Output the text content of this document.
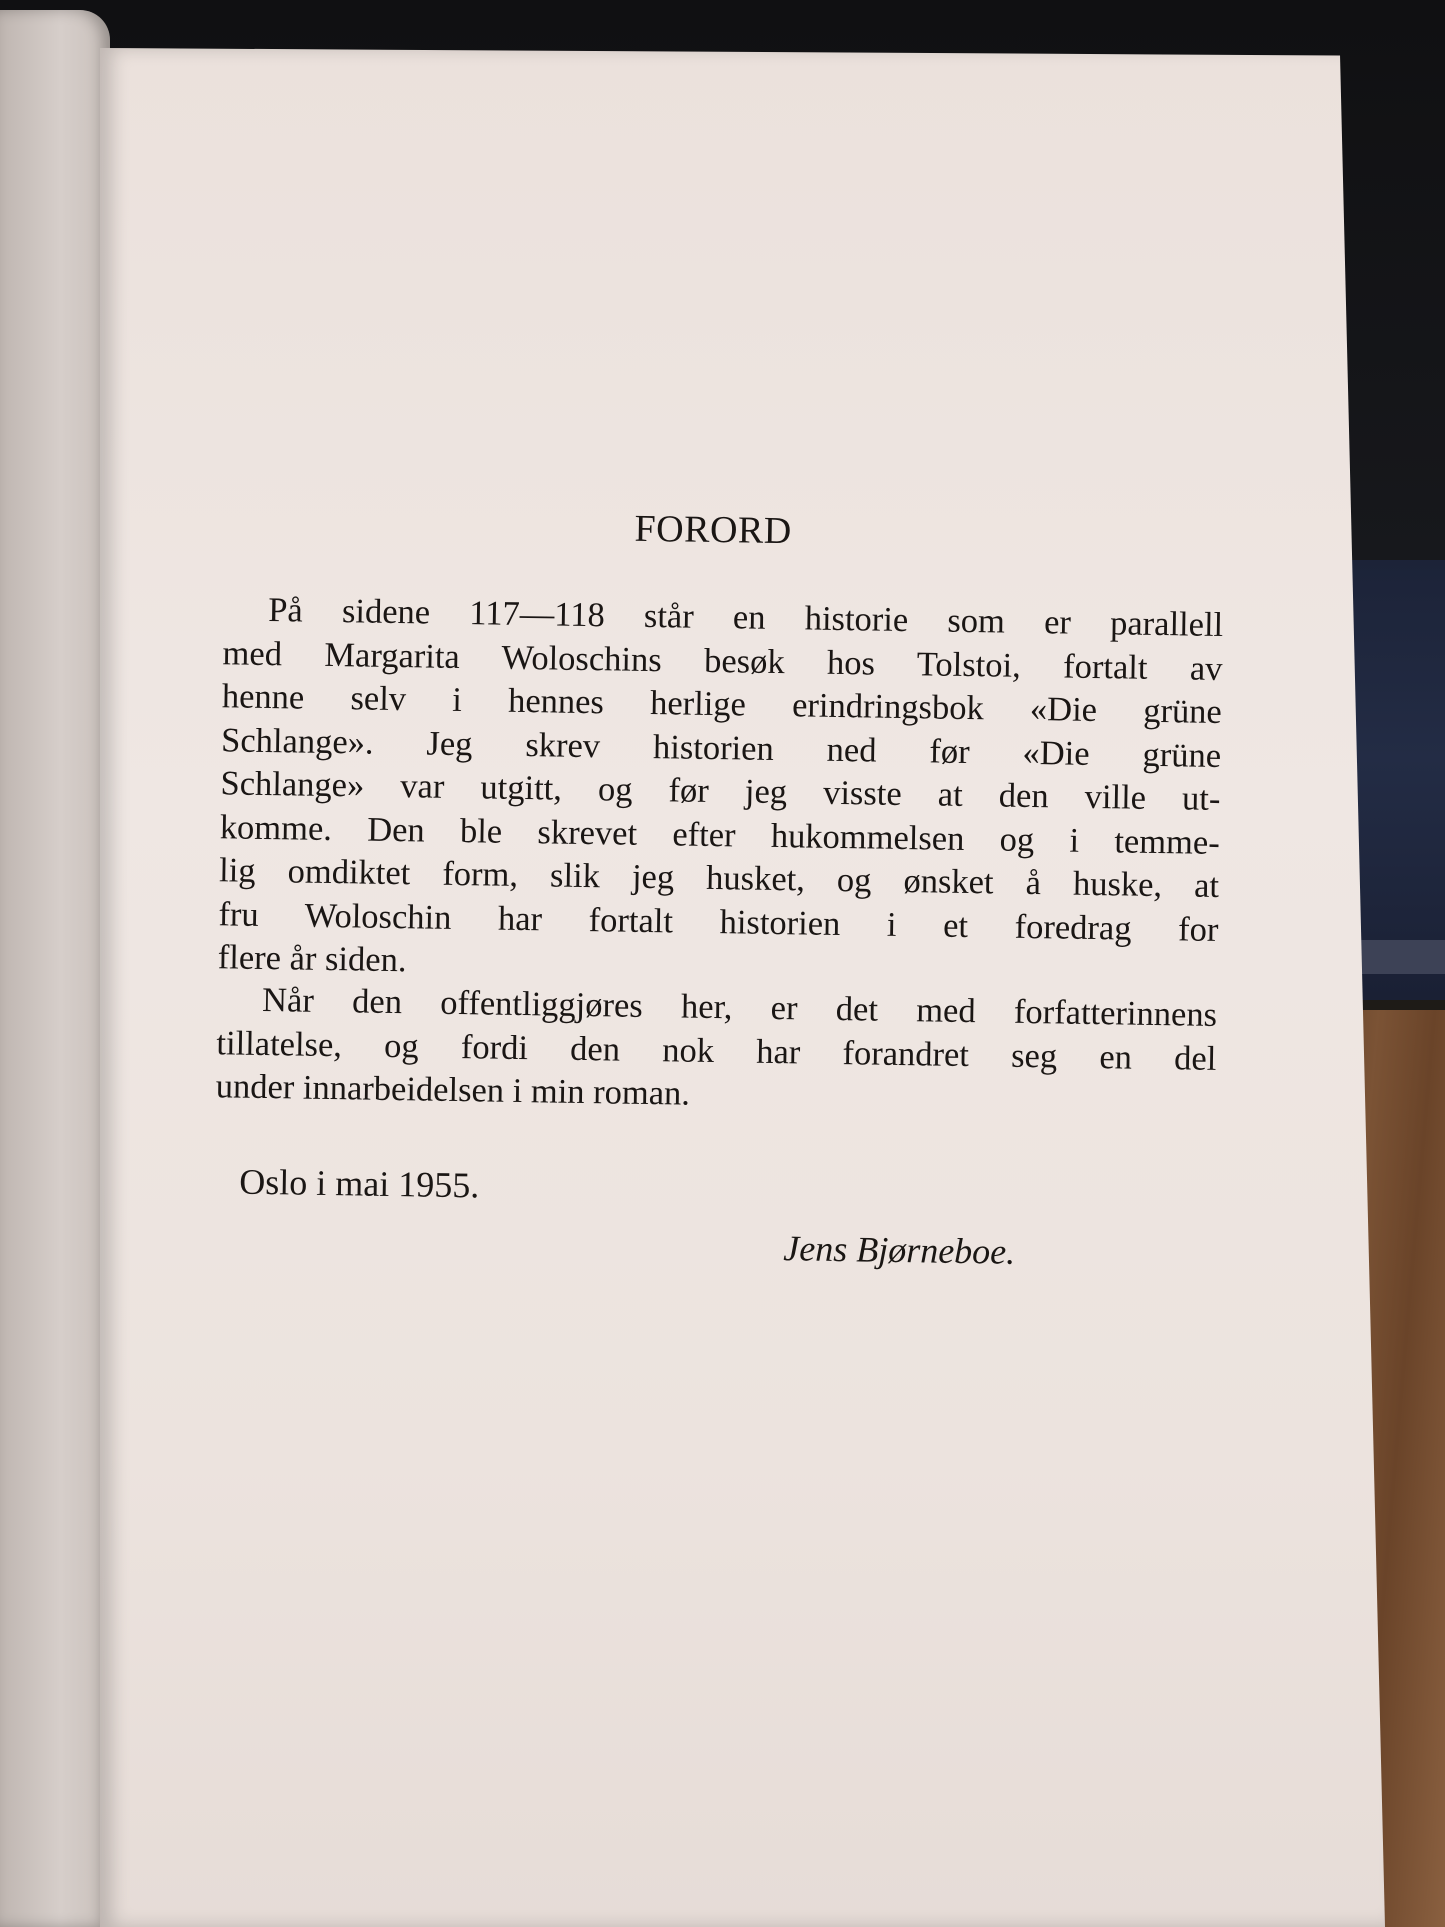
FORORD

På sidene 117—118 står en historie som er parallell
med Margarita Woloschins besøk hos Tolstoi, fortalt av
henne selv i hennes herlige erindringsbok «Die grüne
Schlange». Jeg skrev historien ned før «Die grüne
Schlange» var utgitt, og før jeg visste at den ville ut-
komme. Den ble skrevet efter hukommelsen og i temme-
lig omdiktet form, slik jeg husket, og ønsket å huske, at
fru Woloschin har fortalt historien i et foredrag for
flere år siden.

Når den offentliggjøres her, er det med forfatterinnens
tillatelse, og fordi den nok har forandret seg en del
under innarbeidelsen i min roman.

Oslo i mai 1955.

Jens Bjørneboe.
